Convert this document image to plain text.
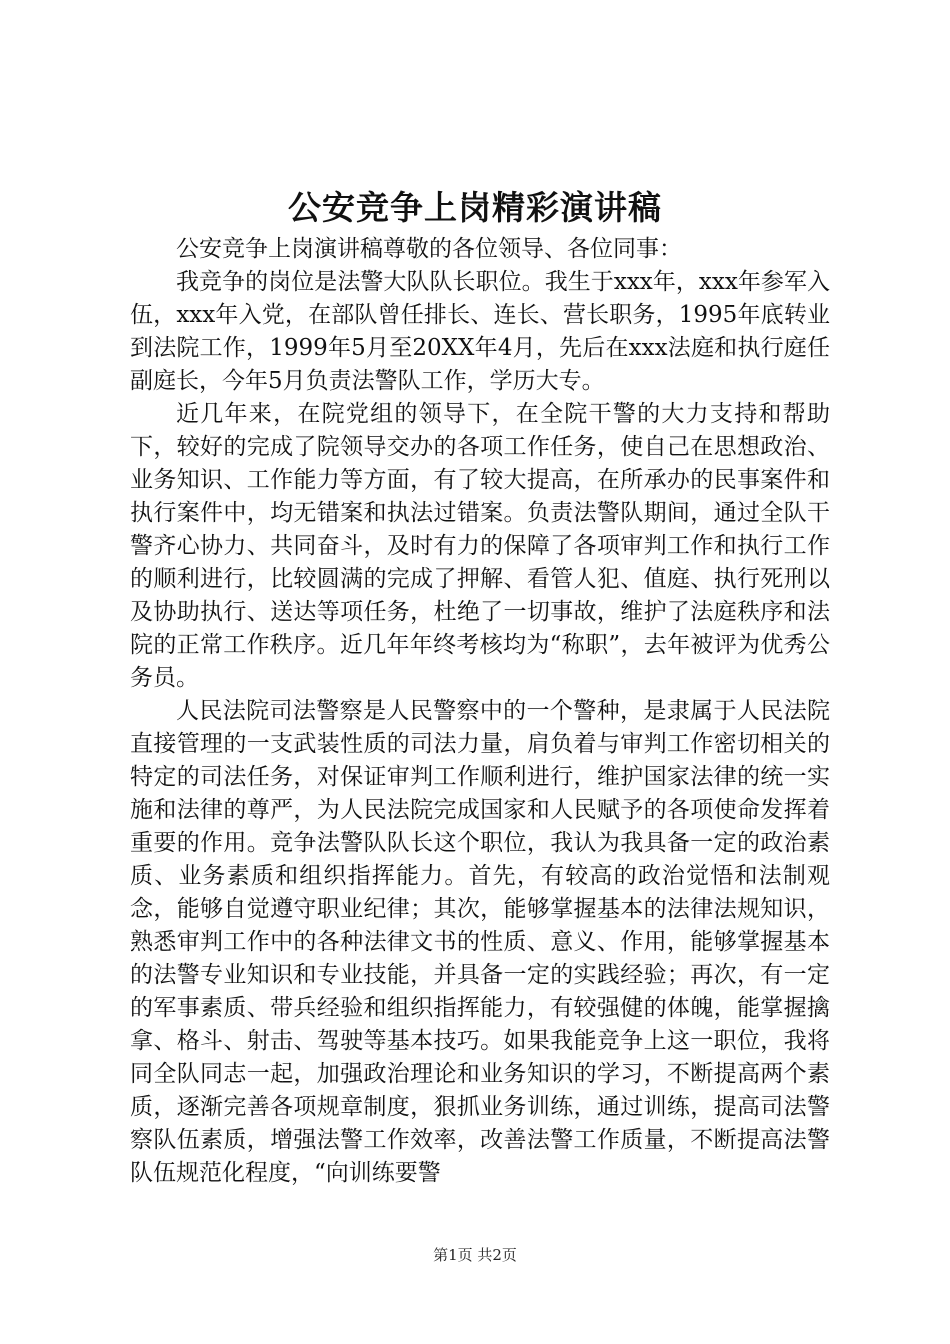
公安竞争上岗精彩演讲稿

公安竞争上岗演讲稿尊敬的各位领导、各位同事：

我竞争的岗位是法警大队队长职位。我生于xxx年，xxx年参军入伍，xxx年入党，在部队曾任排长、连长、营长职务，1995年底转业到法院工作，1999年5月至20XX年4月，先后在xxx法庭和执行庭任副庭长，今年5月负责法警队工作，学历大专。

近几年来，在院党组的领导下，在全院干警的大力支持和帮助下，较好的完成了院领导交办的各项工作任务，使自己在思想政治、业务知识、工作能力等方面，有了较大提高，在所承办的民事案件和执行案件中，均无错案和执法过错案。负责法警队期间，通过全队干警齐心协力、共同奋斗，及时有力的保障了各项审判工作和执行工作的顺利进行，比较圆满的完成了押解、看管人犯、值庭、执行死刑以及协助执行、送达等项任务，杜绝了一切事故，维护了法庭秩序和法院的正常工作秩序。近几年年终考核均为“称职”，去年被评为优秀公务员。

人民法院司法警察是人民警察中的一个警种，是隶属于人民法院直接管理的一支武装性质的司法力量，肩负着与审判工作密切相关的特定的司法任务，对保证审判工作顺利进行，维护国家法律的统一实施和法律的尊严，为人民法院完成国家和人民赋予的各项使命发挥着重要的作用。竞争法警队队长这个职位，我认为我具备一定的政治素质、业务素质和组织指挥能力。首先，有较高的政治觉悟和法制观念，能够自觉遵守职业纪律；其次，能够掌握基本的法律法规知识，熟悉审判工作中的各种法律文书的性质、意义、作用，能够掌握基本的法警专业知识和专业技能，并具备一定的实践经验；再次，有一定的军事素质、带兵经验和组织指挥能力，有较强健的体魄，能掌握擒拿、格斗、射击、驾驶等基本技巧。如果我能竞争上这一职位，我将同全队同志一起，加强政治理论和业务知识的学习，不断提高两个素质，逐渐完善各项规章制度，狠抓业务训练，通过训练，提高司法警察队伍素质，增强法警工作效率，改善法警工作质量，不断提高法警队伍规范化程度，“向训练要警

第1页 共2页
